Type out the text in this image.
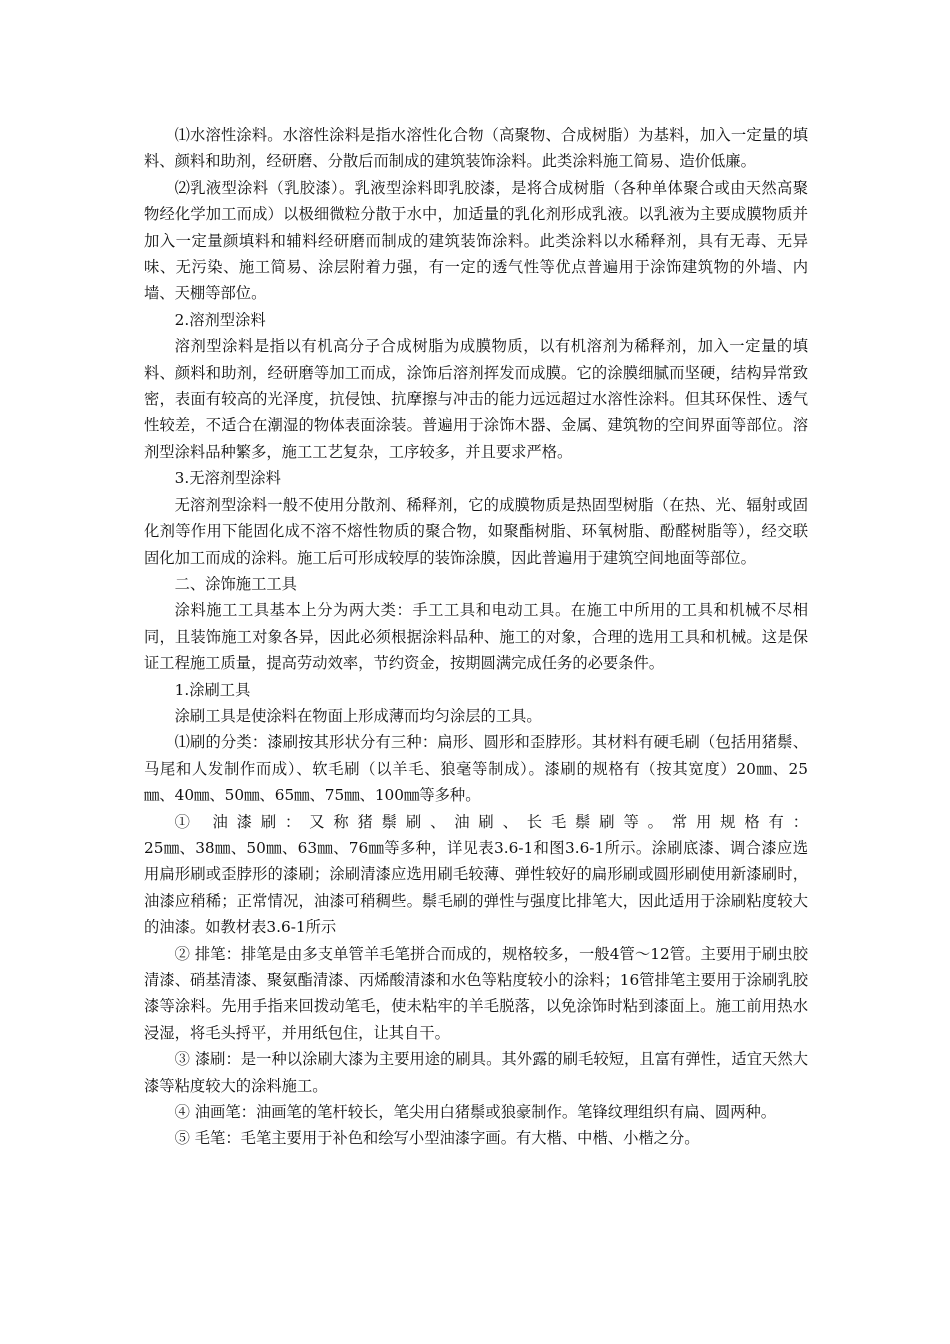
⑴水溶性涂料。水溶性涂料是指水溶性化合物（高聚物、合成树脂）为基料，加入一定量的填料、颜料和助剂，经研磨、分散后而制成的建筑装饰涂料。此类涂料施工简易、造价低廉。

⑵乳液型涂料（乳胶漆）。乳液型涂料即乳胶漆，是将合成树脂（各种单体聚合或由天然高聚物经化学加工而成）以极细微粒分散于水中，加适量的乳化剂形成乳液。以乳液为主要成膜物质并加入一定量颜填料和辅料经研磨而制成的建筑装饰涂料。此类涂料以水稀释剂，具有无毒、无异味、无污染、施工简易、涂层附着力强，有一定的透气性等优点普遍用于涂饰建筑物的外墙、内墙、天棚等部位。

2.溶剂型涂料

溶剂型涂料是指以有机高分子合成树脂为成膜物质，以有机溶剂为稀释剂，加入一定量的填料、颜料和助剂，经研磨等加工而成，涂饰后溶剂挥发而成膜。它的涂膜细腻而坚硬，结构异常致密，表面有较高的光泽度，抗侵蚀、抗摩擦与冲击的能力远远超过水溶性涂料。但其环保性、透气性较差，不适合在潮湿的物体表面涂装。普遍用于涂饰木器、金属、建筑物的空间界面等部位。溶剂型涂料品种繁多，施工工艺复杂，工序较多，并且要求严格。

3.无溶剂型涂料

无溶剂型涂料一般不使用分散剂、稀释剂，它的成膜物质是热固型树脂（在热、光、辐射或固化剂等作用下能固化成不溶不熔性物质的聚合物，如聚酯树脂、环氧树脂、酚醛树脂等），经交联固化加工而成的涂料。施工后可形成较厚的装饰涂膜，因此普遍用于建筑空间地面等部位。

二、涂饰施工工具

涂料施工工具基本上分为两大类：手工工具和电动工具。在施工中所用的工具和机械不尽相同，且装饰施工对象各异，因此必须根据涂料品种、施工的对象，合理的选用工具和机械。这是保证工程施工质量，提高劳动效率，节约资金，按期圆满完成任务的必要条件。

1.涂刷工具

涂刷工具是使涂料在物面上形成薄而均匀涂层的工具。

⑴刷的分类：漆刷按其形状分有三种：扁形、圆形和歪脖形。其材料有硬毛刷（包括用猪鬃、马尾和人发制作而成）、软毛刷（以羊毛、狼毫等制成）。漆刷的规格有（按其宽度）20㎜、25㎜、40㎜、50㎜、65㎜、75㎜、100㎜等多种。

① 油漆刷：又称猪鬃刷、油刷、长毛鬃刷等。常用规格有：

25㎜、38㎜、50㎜、63㎜、76㎜等多种，详见表3.6-1和图3.6-1所示。涂刷底漆、调合漆应选用扁形刷或歪脖形的漆刷；涂刷清漆应选用刷毛较薄、弹性较好的扁形刷或圆形刷使用新漆刷时，油漆应稍稀；正常情况，油漆可稍稠些。鬃毛刷的弹性与强度比排笔大，因此适用于涂刷粘度较大的油漆。如教材表3.6-1所示

② 排笔：排笔是由多支单管羊毛笔拼合而成的，规格较多，一般4管～12管。主要用于刷虫胶清漆、硝基清漆、聚氨酯清漆、丙烯酸清漆和水色等粘度较小的涂料；16管排笔主要用于涂刷乳胶漆等涂料。先用手指来回拨动笔毛，使未粘牢的羊毛脱落，以免涂饰时粘到漆面上。施工前用热水浸湿，将毛头捋平，并用纸包住，让其自干。

③ 漆刷：是一种以涂刷大漆为主要用途的刷具。其外露的刷毛较短，且富有弹性，适宜天然大漆等粘度较大的涂料施工。

④ 油画笔：油画笔的笔杆较长，笔尖用白猪鬃或狼豪制作。笔锋纹理组织有扁、圆两种。

⑤ 毛笔：毛笔主要用于补色和绘写小型油漆字画。有大楷、中楷、小楷之分。
